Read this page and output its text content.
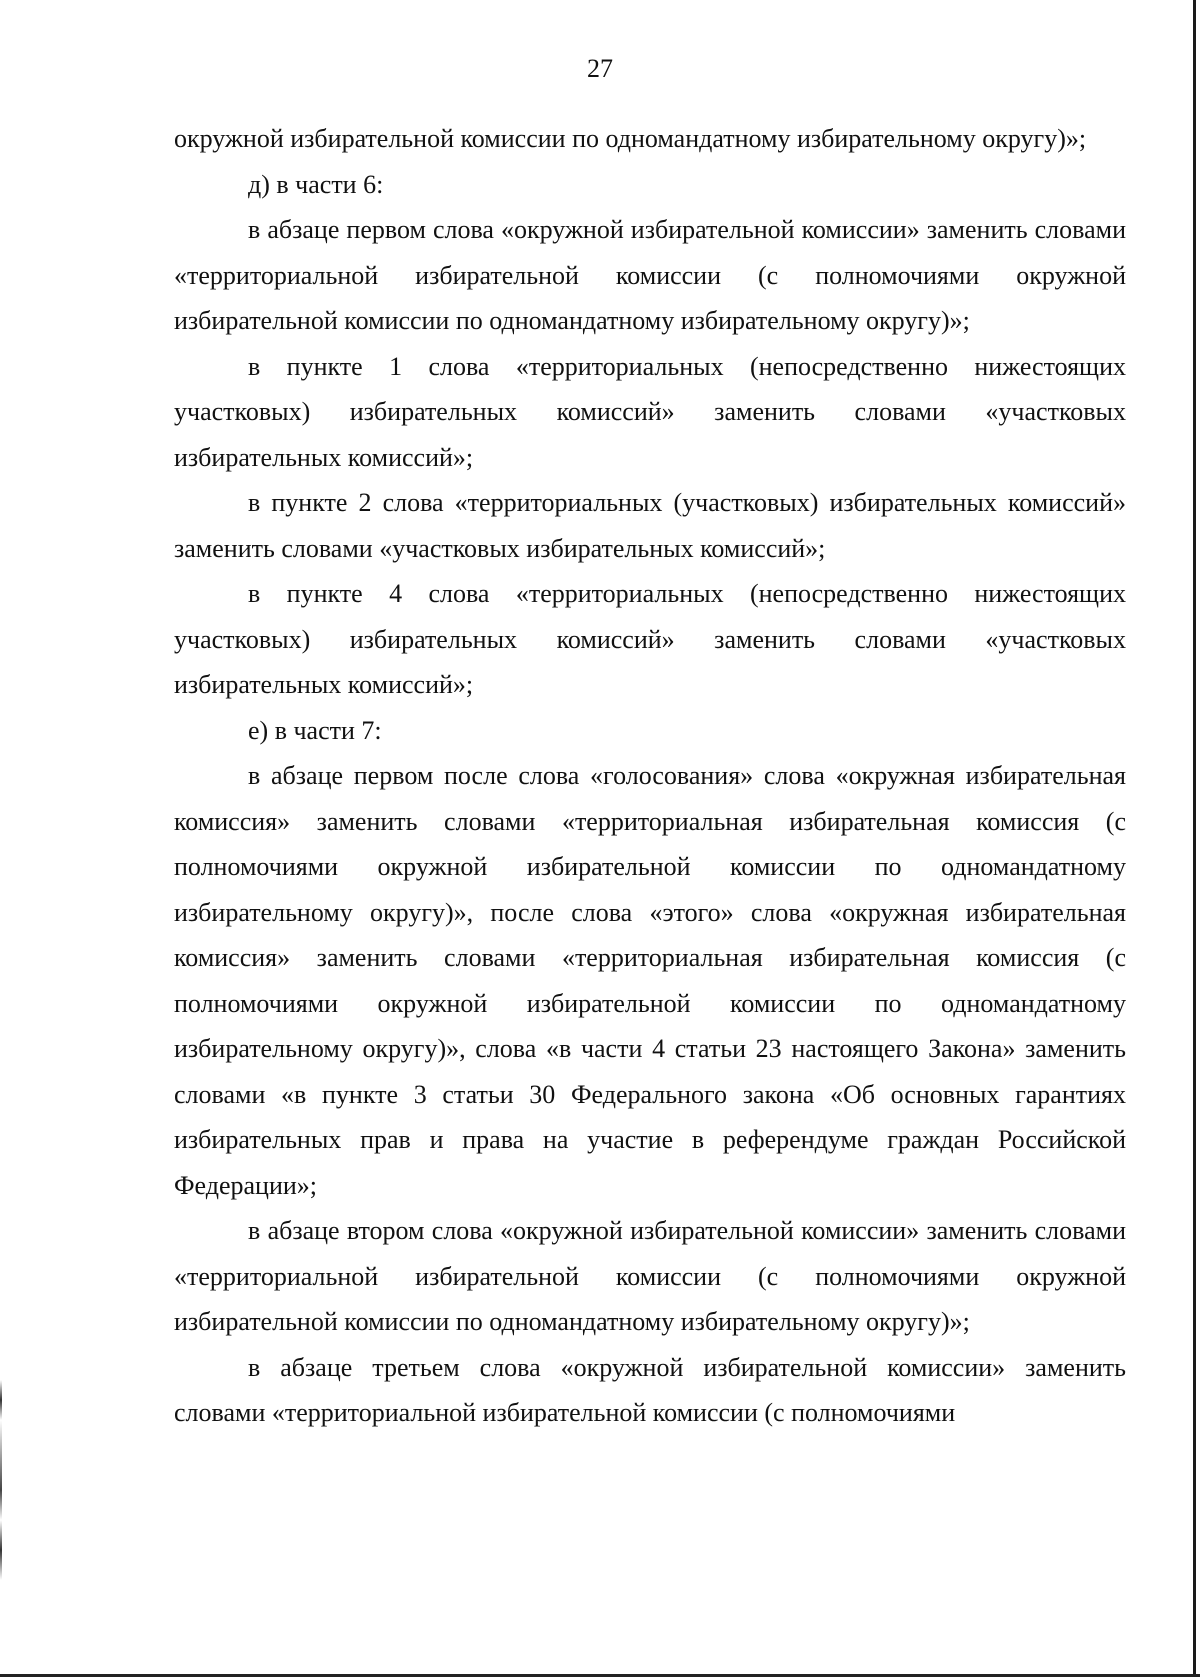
27

окружной избирательной комиссии по одномандатному избирательному округу)»;

д) в части 6:

в абзаце первом слова «окружной избирательной комиссии» заменить словами «территориальной избирательной комиссии (с полномочиями окружной избирательной комиссии по одномандатному избирательному округу)»;

в пункте 1 слова «территориальных (непосредственно нижестоящих участковых) избирательных комиссий» заменить словами «участковых избирательных комиссий»;

в пункте 2 слова «территориальных (участковых) избирательных комиссий» заменить словами «участковых избирательных комиссий»;

в пункте 4 слова «территориальных (непосредственно нижестоящих участковых) избирательных комиссий» заменить словами «участковых избирательных комиссий»;

е) в части 7:

в абзаце первом после слова «голосования» слова «окружная избирательная комиссия» заменить словами «территориальная избирательная комиссия (с полномочиями окружной избирательной комиссии по одномандатному избирательному округу)», после слова «этого» слова «окружная избирательная комиссия» заменить словами «территориальная избирательная комиссия (с полномочиями окружной избирательной комиссии по одномандатному избирательному округу)», слова «в части 4 статьи 23 настоящего Закона» заменить словами «в пункте 3 статьи 30 Федерального закона «Об основных гарантиях избирательных прав и права на участие в референдуме граждан Российской Федерации»;

в абзаце втором слова «окружной избирательной комиссии» заменить словами «территориальной избирательной комиссии (с полномочиями окружной избирательной комиссии по одномандатному избирательному округу)»;

в абзаце третьем слова «окружной избирательной комиссии» заменить словами «территориальной избирательной комиссии (с полномочиями
